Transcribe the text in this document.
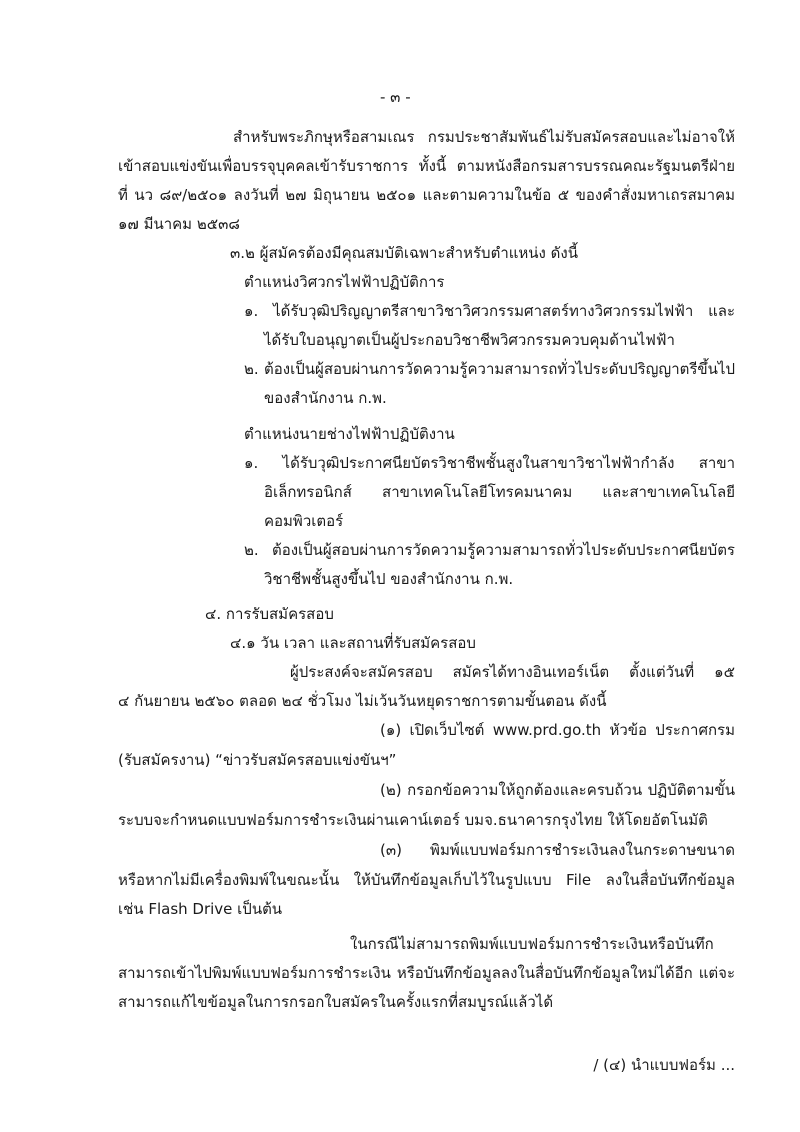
- ๓ -
สำหรับพระภิกษุหรือสามเณร กรมประชาสัมพันธ์ไม่รับสมัครสอบและไม่อาจให้
เข้าสอบแข่งขันเพื่อบรรจุบุคคลเข้ารับราชการ ทั้งนี้ ตามหนังสือกรมสารบรรณคณะรัฐมนตรีฝ่าย
ที่ นว ๘๙/๒๕๐๑ ลงวันที่ ๒๗ มิถุนายน ๒๕๐๑ และตามความในข้อ ๕ ของคำสั่งมหาเถรสมาคม
๑๗ มีนาคม ๒๕๓๘
๓.๒ ผู้สมัครต้องมีคุณสมบัติเฉพาะสำหรับตำแหน่ง ดังนี้
ตำแหน่งวิศวกรไฟฟ้าปฏิบัติการ
๑. ได้รับวุฒิปริญญาตรีสาขาวิชาวิศวกรรมศาสตร์ทางวิศวกรรมไฟฟ้า และ
ได้รับใบอนุญาตเป็นผู้ประกอบวิชาชีพวิศวกรรมควบคุมด้านไฟฟ้า
๒. ต้องเป็นผู้สอบผ่านการวัดความรู้ความสามารถทั่วไประดับปริญญาตรีขึ้นไป
ของสำนักงาน ก.พ.
ตำแหน่งนายช่างไฟฟ้าปฏิบัติงาน
๑. ได้รับวุฒิประกาศนียบัตรวิชาชีพชั้นสูงในสาขาวิชาไฟฟ้ากำลัง สาขา
อิเล็กทรอนิกส์ สาขาเทคโนโลยีโทรคมนาคม และสาขาเทคโนโลยี
คอมพิวเตอร์
๒. ต้องเป็นผู้สอบผ่านการวัดความรู้ความสามารถทั่วไประดับประกาศนียบัตร
วิชาชีพชั้นสูงขึ้นไป ของสำนักงาน ก.พ.
๔. การรับสมัครสอบ
๔.๑ วัน เวลา และสถานที่รับสมัครสอบ
ผู้ประสงค์จะสมัครสอบ สมัครได้ทางอินเทอร์เน็ต ตั้งแต่วันที่ ๑๕
๔ กันยายน ๒๕๖๐ ตลอด ๒๔ ชั่วโมง ไม่เว้นวันหยุดราชการตามขั้นตอน ดังนี้
(๑) เปิดเว็บไซต์ www.prd.go.th หัวข้อ ประกาศกรม
(รับสมัครงาน) “ข่าวรับสมัครสอบแข่งขันฯ”
(๒) กรอกข้อความให้ถูกต้องและครบถ้วน ปฏิบัติตามขั้น
ระบบจะกำหนดแบบฟอร์มการชำระเงินผ่านเคาน์เตอร์ บมจ.ธนาคารกรุงไทย ให้โดยอัตโนมัติ
(๓) พิมพ์แบบฟอร์มการชำระเงินลงในกระดาษขนาด
หรือหากไม่มีเครื่องพิมพ์ในขณะนั้น ให้บันทึกข้อมูลเก็บไว้ในรูปแบบ File ลงในสื่อบันทึกข้อมูล
เช่น Flash Drive เป็นต้น
ในกรณีไม่สามารถพิมพ์แบบฟอร์มการชำระเงินหรือบันทึก
สามารถเข้าไปพิมพ์แบบฟอร์มการชำระเงิน หรือบันทึกข้อมูลลงในสื่อบันทึกข้อมูลใหม่ได้อีก แต่จะ
สามารถแก้ไขข้อมูลในการกรอกใบสมัครในครั้งแรกที่สมบูรณ์แล้วได้
/ (๔) นำแบบฟอร์ม ...
